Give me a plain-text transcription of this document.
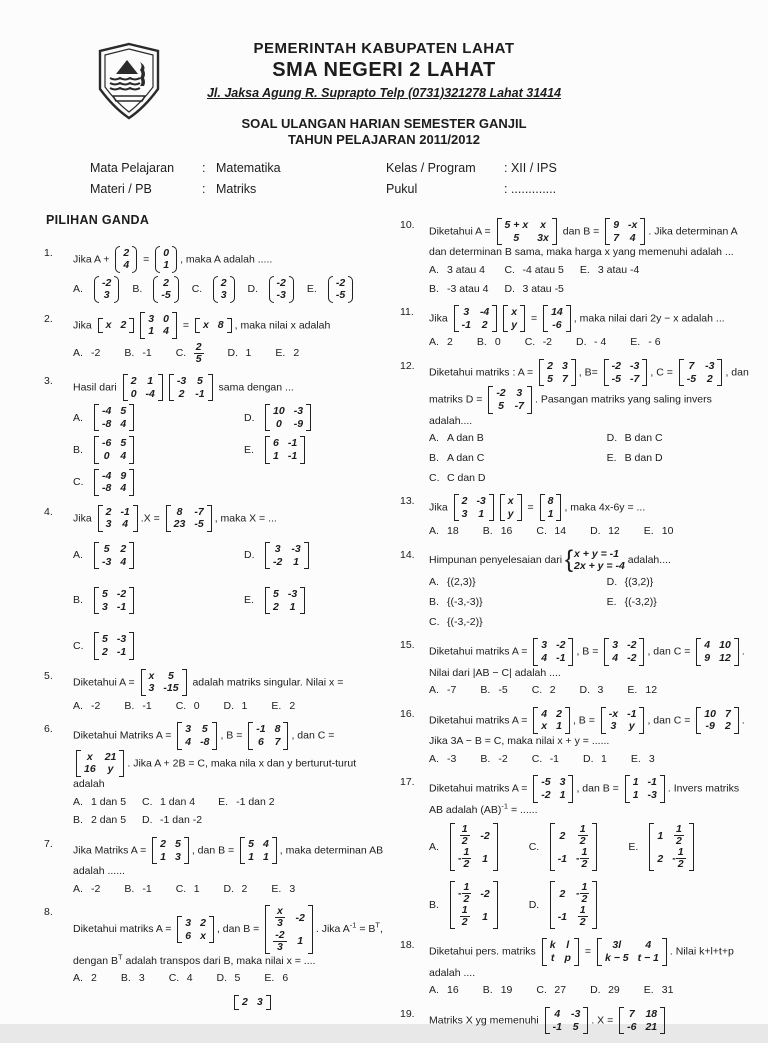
PEMERINTAH KABUPATEN LAHAT
SMA NEGERI 2 LAHAT
Jl. Jaksa Agung R. Suprapto Telp (0731)321278 Lahat 31414
SOAL ULANGAN HARIAN SEMESTER GANJIL
TAHUN PELAJARAN 2011/2012
Mata Pelajaran	: Matematika	Kelas / Program	: XII / IPS
Materi / PB	: Matriks	Pukul	: .............
PILIHAN GANDA
1.
Jika A +
2
4
=
0
1
, maka A adalah .....
A.
-2
3
B.
2
-5
C.
2
3
D.
-2
-3
E.
-2
-5
2.
Jika x 2
3 0
1 4
= x 8 , maka nilai x adalah
A. -2 B. -1 C. $\frac{2}{5} D$. 1 E. 2
3.
Hasil dari
2 1
0 -4
-3 5
2 -1
sama dengan ...
A.
-4 5
-8 4
D.
10 -3
0 -9
B.
-6 5
0 4
E.
6 -1
1 -1
C.
-4 9
-8 4
4.
Jika
2 -1
3 4
.X =
8 -7
23 -5
, maka X = ...
A.
5 2
-3 4
D.
3 -3
-2 1
B.
5 -2
3 -1
E.
5 -3
2 1
C.
5 -3
2 -1
5.
Diketahui A =
x 5
3 -15
adalah matriks singular. Nilai x =
A. -2 B. -1 C. 0 D. 1 E. 2
6.
Diketahui Matriks A =
3 5
4 -8
, B =
-1 8
6 7
, dan C =
x 21
16 y
. Jika A + 2B = C, maka nila x dan y berturut-turut adalah
A. 1 dan 5 C. 1 dan 4 E. -1 dan 2
B. 2 dan 5 D. -1 dan -2
7.
Jika Matriks A =
2 5
1 3
, dan B =
5 4
1 1
, maka determinan AB adalah ......
A. -2 B. -1 C. 1 D. 2 E. 3
8.
Diketahui matriks A =
3 2
6 x
, dan $B = \frac{x}{3} -2$
$\frac{-2}{3} 1$
. Jika $A^{-1} = B^T$, dengan $B^T$ adalah transpos dari B, maka nilai x = ....
A. 2 B. 3 C. 4 D. 5 E. 6
2 3
10.
Diketahui A =
5 + x x
5 3x
dan B =
9 -x
7 4
. Jika determinan A dan determinan B sama, maka harga x yang memenuhi adalah ...
A. 3 atau 4 C. -4 atau 5 E. 3 atau -4
B. -3 atau 4 D. 3 atau -5
11.
Jika
3 -4
-1 2
x
y
=
14
-6
, maka nilai dari 2y − x adalah ...
A. 2 B. 0 C. -2 D. - 4 E. - 6
12.
Diketahui matriks : A =
2 3
5 7
, B=
-2 -3
-5 -7
, C =
7 -3
-5 2
, dan matriks D =
-2 3
5 -7
. Pasangan matriks yang saling invers adalah....
A. A dan B	D. B dan C
B. A dan C	E. B dan D
C. C dan D
13.
Jika
2 -3
3 1
x
y
=
8
1
, maka 4x-6y = ...
A. 18 B. 16 C. 14 D. 12 E. 10
14.	Himpunan penyelesaian dari { x + y = -1
2x + y = -4
adalah....
A. {(2,3)}	D. {(3,2)}
B. {(-3,-3)}	E. {(-3,2)}
C. {(-3,-2)}
15.
Diketahui matriks A =
3 -2
4 -1
, B =
3 -2
4 -2
, dan C =
4 10
9 12
. Nilai dari |AB − C| adalah ....
A. -7 B. -5 C. 2 D. 3 E. 12
16.
Diketahui matriks A =
4 2
x 1
, B =
-x -1
3 y
, dan C =
10 7
-9 2
. Jika 3A − B = C, maka nilai x + y = ......
A. -3 B. -2 C. -1 D. 1 E. 3
17.
Diketahui matriks A =
-5 3
-2 1
, dan B =
1 -1
1 -3
. Invers matriks AB adalah (AB)$^{-1}$ = ......
A. $\frac{1}{2} -2$
- $\frac{1}{2} 1$
C.
$2 \frac{1}{2}$
$-1 - \frac{1}{2}$
E.
$1 \frac{1}{2}$
$2 - \frac{1}{2}$
B.
- $\frac{1}{2} -2$
$\frac{1}{2} 1$
D.
$2 - \frac{1}{2}$
$-1 \frac{1}{2}$
18.
Diketahui pers. matriks
k l
t p
=
3l 4
k − 5 t − 1
. Nilai k+l+t+p adalah ....
A. 16 B. 19 C. 27 D. 29 E. 31
19.
Matriks X yg memenuhi
4 -3
-1 5
. X =
7 18
-6 21
